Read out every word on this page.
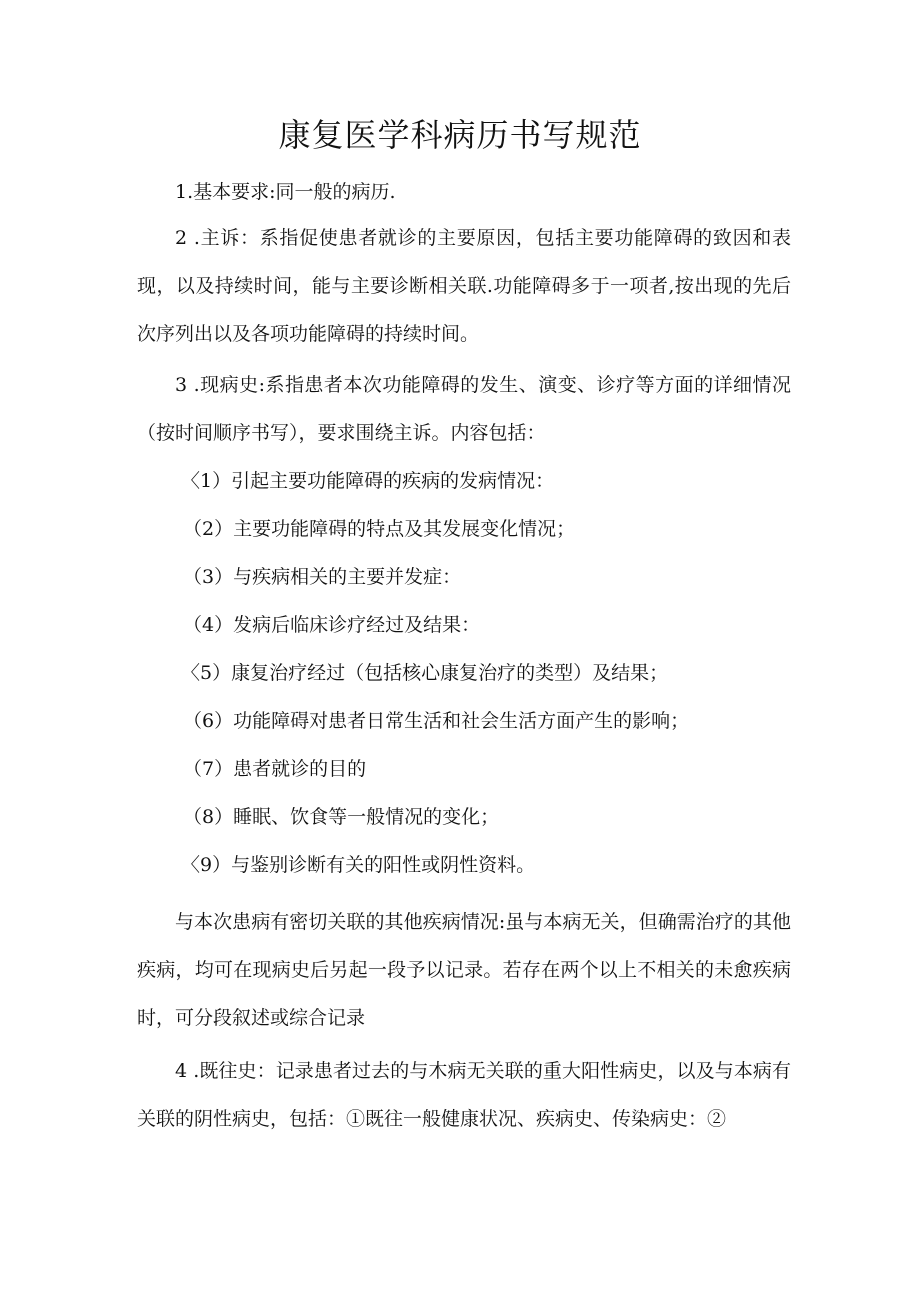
康复医学科病历书写规范
1.基本要求:同一般的病历.
2 .主诉：系指促使患者就诊的主要原因，包括主要功能障碍的致因和表现，以及持续时间，能与主要诊断相关联.功能障碍多于一项者,按出现的先后次序列出以及各项功能障碍的持续时间。
3 .现病史:系指患者本次功能障碍的发生、演变、诊疗等方面的详细情况（按时间顺序书写），要求围绕主诉。内容包括：
〈1）引起主要功能障碍的疾病的发病情况：
（2）主要功能障碍的特点及其发展变化情况；
（3）与疾病相关的主要并发症：
（4）发病后临床诊疗经过及结果：
〈5）康复治疗经过（包括核心康复治疗的类型）及结果；
（6）功能障碍对患者日常生活和社会生活方面产生的影响；
（7）患者就诊的目的
（8）睡眠、饮食等一般情况的变化；
〈9）与鉴别诊断有关的阳性或阴性资料。
与本次患病有密切关联的其他疾病情况:虽与本病无关，但确需治疗的其他疾病，均可在现病史后另起一段予以记录。若存在两个以上不相关的未愈疾病时，可分段叙述或综合记录
4 .既往史：记录患者过去的与木病无关联的重大阳性病史，以及与本病有关联的阴性病史，包括：①既往一般健康状况、疾病史、传染病史：②
